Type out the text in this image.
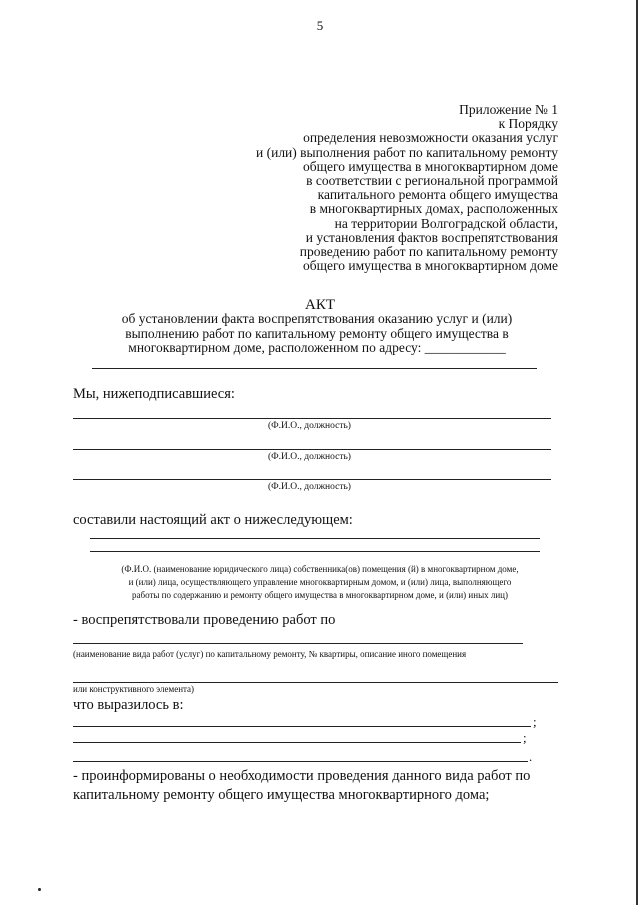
5
Приложение № 1
к Порядку
определения невозможности оказания услуг
и (или) выполнения работ по капитальному ремонту
общего имущества в многоквартирном доме
в соответствии с региональной программой
капитального ремонта общего имущества
в многоквартирных домах, расположенных
на территории Волгоградской области,
и установления фактов воспрепятствования
проведению работ по капитальному ремонту
общего имущества в многоквартирном доме
АКТ
об установлении факта воспрепятствования оказанию услуг и (или)
выполнению работ по капитальному ремонту общего имущества в
многоквартирном доме, расположенном по адресу: ____________
Мы, нижеподписавшиеся:
(Ф.И.О., должность)
(Ф.И.О., должность)
(Ф.И.О., должность)
составили настоящий акт о нижеследующем:
(Ф.И.О. (наименование юридического лица) собственника(ов) помещения (й) в многоквартирном доме,
и (или) лица, осуществляющего управление многоквартирным домом, и (или) лица, выполняющего
работы по содержанию и ремонту общего имущества в многоквартирном доме, и (или) иных лиц)
- воспрепятствовали проведению работ по
(наименование вида работ (услуг) по капитальному ремонту, № квартиры, описание иного помещения
или конструктивного элемента)
что выразилось в:
;
;
.
- проинформированы о необходимости проведения данного вида работ по
капитальному ремонту общего имущества многоквартирного дома;
